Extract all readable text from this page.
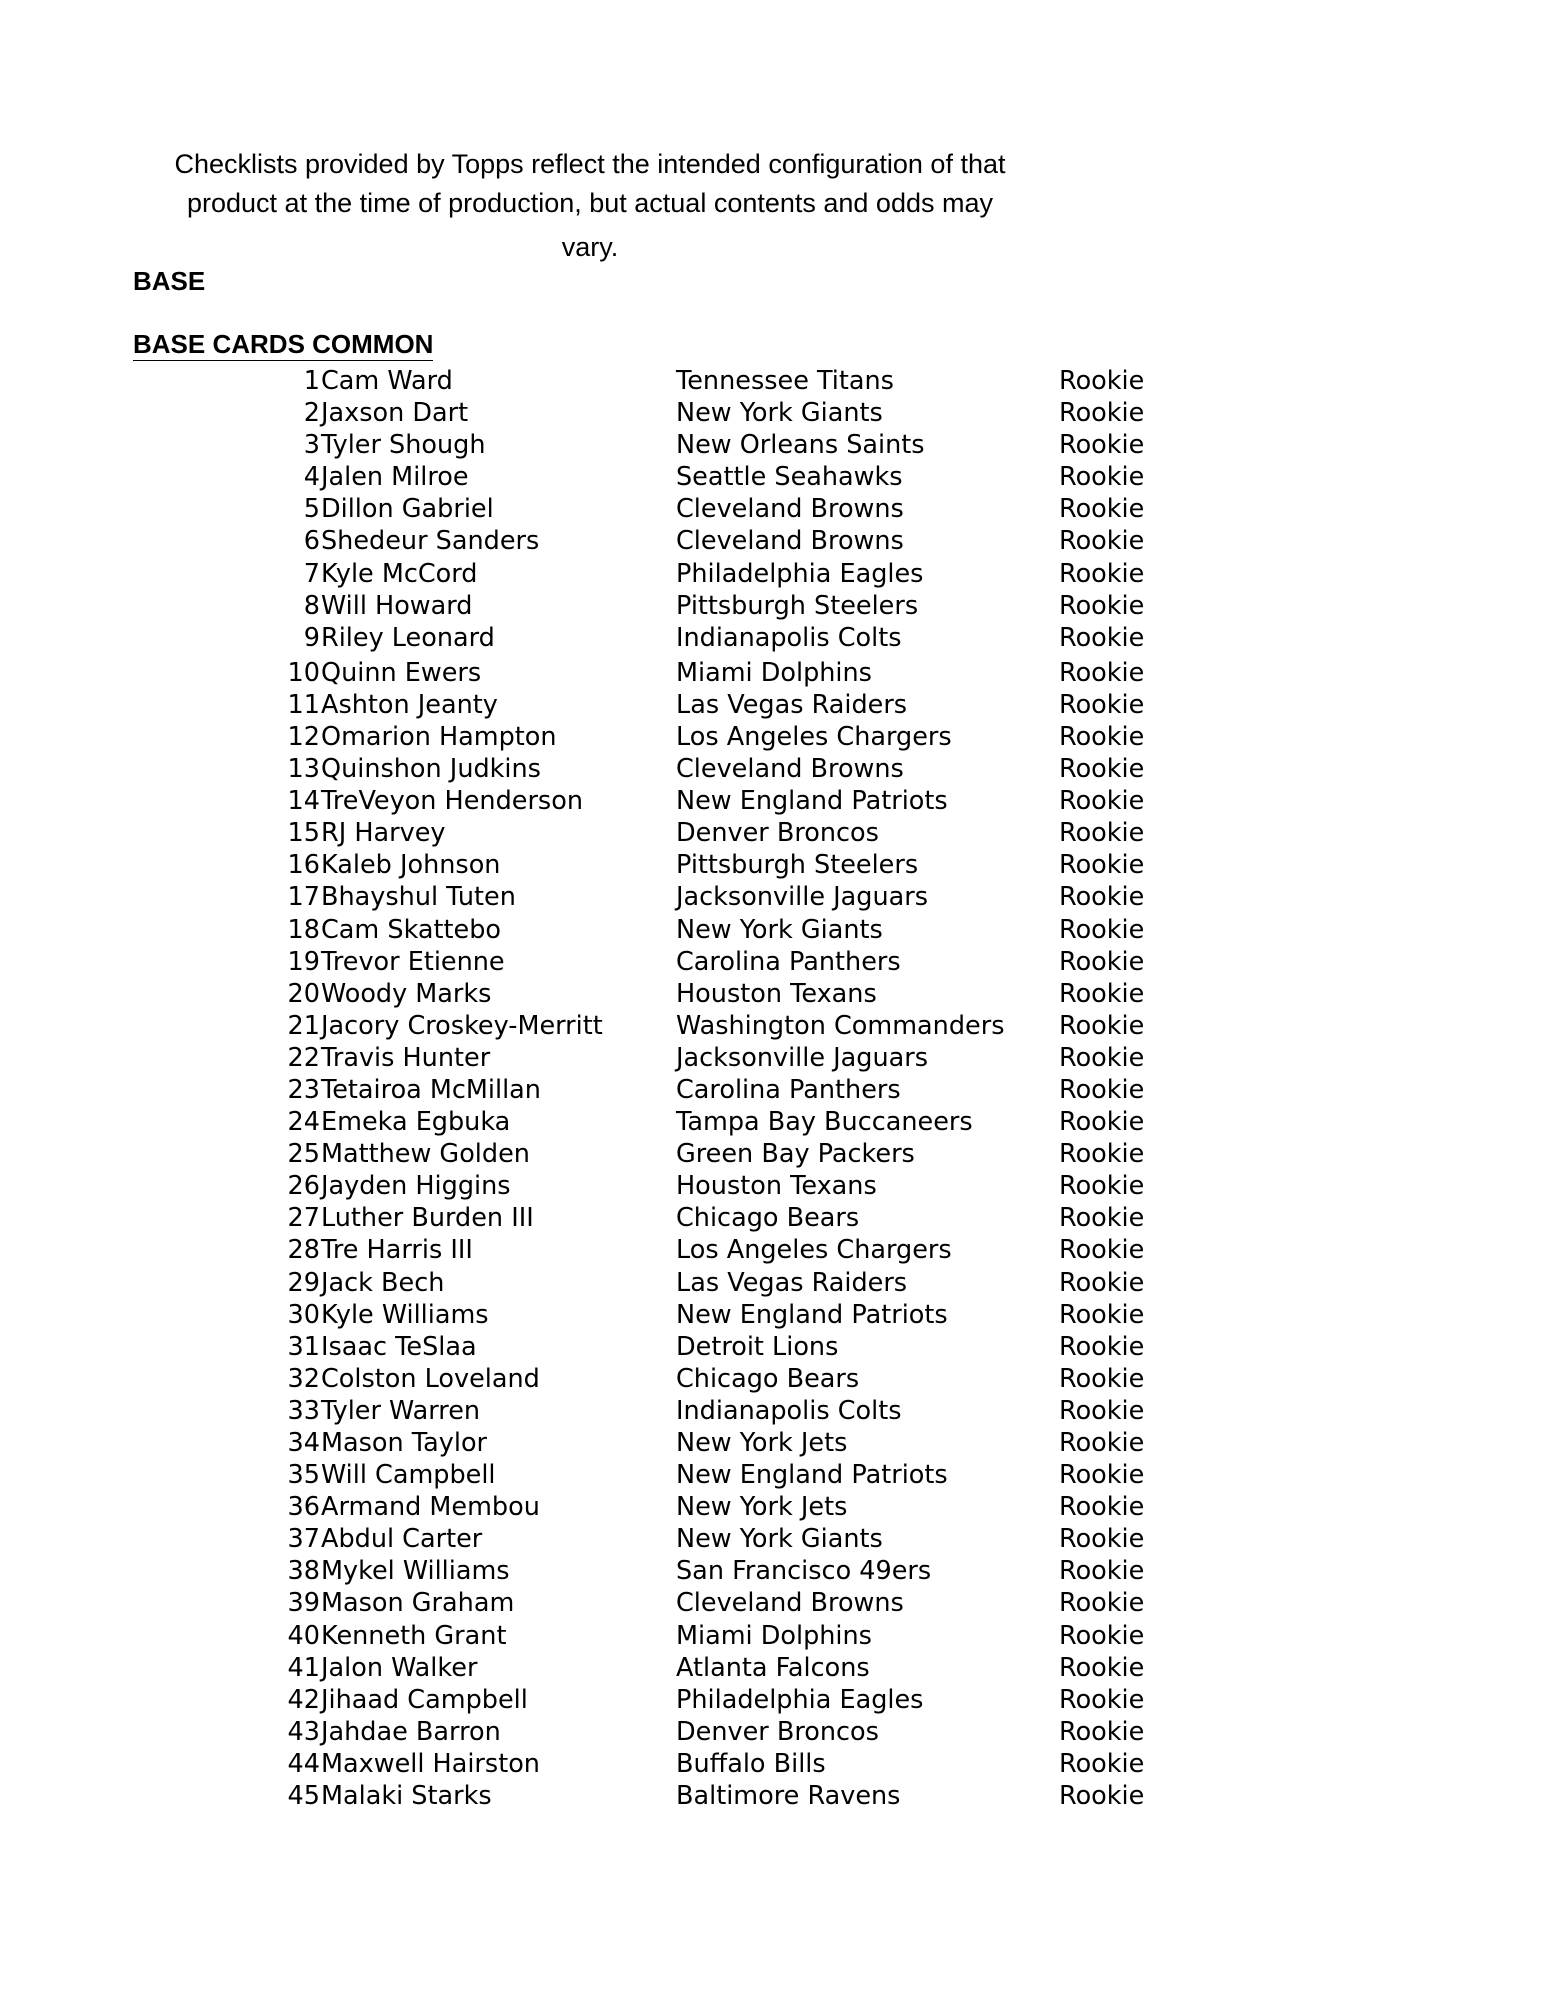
Checklists provided by Topps reflect the intended configuration of that
product at the time of production, but actual contents and odds may
vary.
BASE
BASE CARDS COMMON
1 Cam Ward	Tennessee Titans	Rookie
2 Jaxson Dart	New York Giants	Rookie
3 Tyler Shough	New Orleans Saints	Rookie
4 Jalen Milroe	Seattle Seahawks	Rookie
5 Dillon Gabriel	Cleveland Browns	Rookie
6 Shedeur Sanders	Cleveland Browns	Rookie
7 Kyle McCord	Philadelphia Eagles	Rookie
8 Will Howard	Pittsburgh Steelers	Rookie
9 Riley Leonard	Indianapolis Colts	Rookie
10 Quinn Ewers	Miami Dolphins	Rookie
11 Ashton Jeanty	Las Vegas Raiders	Rookie
12 Omarion Hampton	Los Angeles Chargers	Rookie
13 Quinshon Judkins	Cleveland Browns	Rookie
14 TreVeyon Henderson	New England Patriots	Rookie
15 RJ Harvey	Denver Broncos	Rookie
16 Kaleb Johnson	Pittsburgh Steelers	Rookie
17 Bhayshul Tuten	Jacksonville Jaguars	Rookie
18 Cam Skattebo	New York Giants	Rookie
19 Trevor Etienne	Carolina Panthers	Rookie
20 Woody Marks	Houston Texans	Rookie
21 Jacory Croskey-Merritt	Washington Commanders Rookie
22 Travis Hunter	Jacksonville Jaguars	Rookie
23 Tetairoa McMillan	Carolina Panthers	Rookie
24 Emeka Egbuka	Tampa Bay Buccaneers	Rookie
25 Matthew Golden	Green Bay Packers	Rookie
26 Jayden Higgins	Houston Texans	Rookie
27 Luther Burden III	Chicago Bears	Rookie
28 Tre Harris III	Los Angeles Chargers	Rookie
29 Jack Bech	Las Vegas Raiders	Rookie
30 Kyle Williams	New England Patriots	Rookie
31 Isaac TeSlaa	Detroit Lions	Rookie
32 Colston Loveland	Chicago Bears	Rookie
33 Tyler Warren	Indianapolis Colts	Rookie
34 Mason Taylor	New York Jets	Rookie
35 Will Campbell	New England Patriots	Rookie
36 Armand Membou	New York Jets	Rookie
37 Abdul Carter	New York Giants	Rookie
38 Mykel Williams	San Francisco 49ers	Rookie
39 Mason Graham	Cleveland Browns	Rookie
40 Kenneth Grant	Miami Dolphins	Rookie
41 Jalon Walker	Atlanta Falcons	Rookie
42 Jihaad Campbell	Philadelphia Eagles	Rookie
43 Jahdae Barron	Denver Broncos	Rookie
44 Maxwell Hairston	Buffalo Bills	Rookie
45 Malaki Starks	Baltimore Ravens	Rookie
